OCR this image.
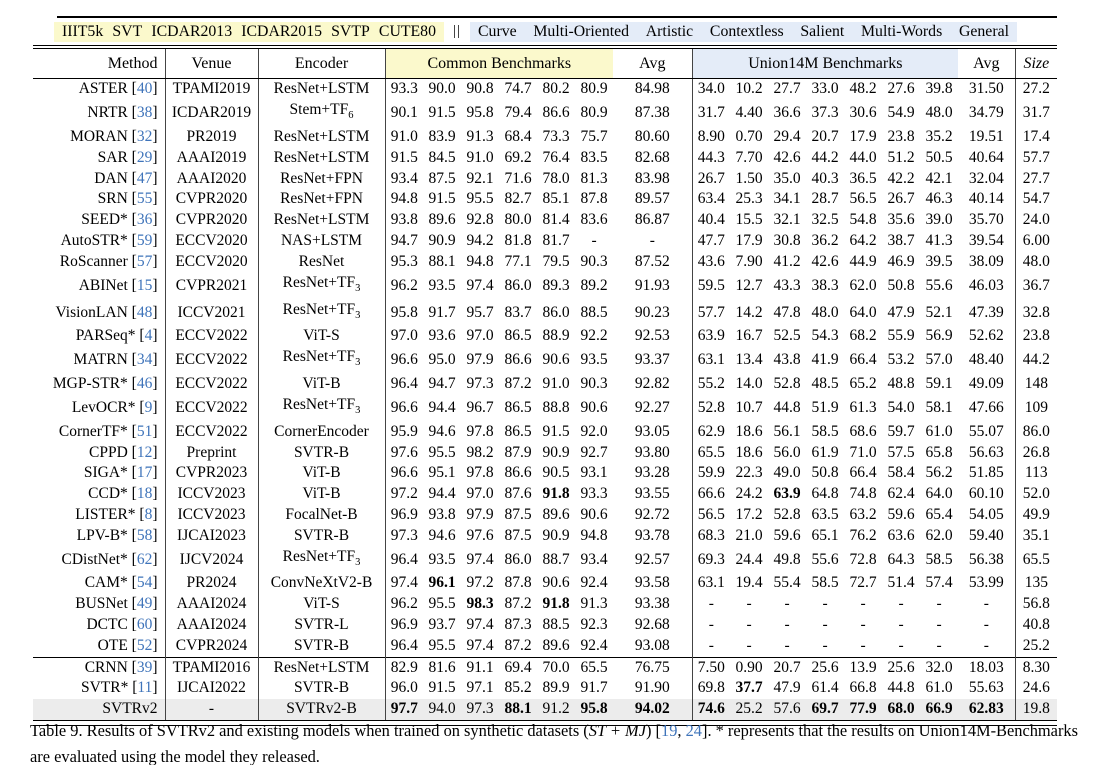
IIIT5k SVT ICDAR2013 ICDAR2015 SVTP CUTE80 || Curve Multi-Oriented Artistic Contextless Salient Multi-Words General
Method	Venue	Encoder	Common Benchmarks						Avg	Union14M Benchmarks							Avg	Size
ASTER [40]	TPAMI2019	ResNet+LSTM	93.3	90.0	90.8	74.7	80.2	80.9	84.98	34.0	10.2	27.7	33.0	48.2	27.6	39.8	31.50	27.2
NRTR [38]	ICDAR2019	$Stem+TF_6$	90.1	91.5	95.8	79.4	86.6	80.9	87.38	31.7	4.40	36.6	37.3	30.6	54.9	48.0	34.79	31.7
MORAN [32]	PR2019	ResNet+LSTM	91.0	83.9	91.3	68.4	73.3	75.7	80.60	8.90	0.70	29.4	20.7	17.9	23.8	35.2	19.51	17.4
SAR [29]	AAAI2019	ResNet+LSTM	91.5	84.5	91.0	69.2	76.4	83.5	82.68	44.3	7.70	42.6	44.2	44.0	51.2	50.5	40.64	57.7
DAN [47]	AAAI2020	ResNet+FPN	93.4	87.5	92.1	71.6	78.0	81.3	83.98	26.7	1.50	35.0	40.3	36.5	42.2	42.1	32.04	27.7
SRN [55]	CVPR2020	ResNet+FPN	94.8	91.5	95.5	82.7	85.1	87.8	89.57	63.4	25.3	34.1	28.7	56.5	26.7	46.3	40.14	54.7
SEED* [36]	CVPR2020	ResNet+LSTM	93.8	89.6	92.8	80.0	81.4	83.6	86.87	40.4	15.5	32.1	32.5	54.8	35.6	39.0	35.70	24.0
AutoSTR* [59]	ECCV2020	NAS+LSTM	94.7	90.9	94.2	81.8	81.7	-	-	47.7	17.9	30.8	36.2	64.2	38.7	41.3	39.54	6.00
RoScanner [57]	ECCV2020	ResNet	95.3	88.1	94.8	77.1	79.5	90.3	87.52	43.6	7.90	41.2	42.6	44.9	46.9	39.5	38.09	48.0
ABINet [15]	CVPR2021	$ResNet+TF_3$	96.2	93.5	97.4	86.0	89.3	89.2	91.93	59.5	12.7	43.3	38.3	62.0	50.8	55.6	46.03	36.7
VisionLAN [48]	ICCV2021	$ResNet+TF_3$	95.8	91.7	95.7	83.7	86.0	88.5	90.23	57.7	14.2	47.8	48.0	64.0	47.9	52.1	47.39	32.8
PARSeq* [4]	ECCV2022	ViT-S	97.0	93.6	97.0	86.5	88.9	92.2	92.53	63.9	16.7	52.5	54.3	68.2	55.9	56.9	52.62	23.8
MATRN [34]	ECCV2022	$ResNet+TF_3$	96.6	95.0	97.9	86.6	90.6	93.5	93.37	63.1	13.4	43.8	41.9	66.4	53.2	57.0	48.40	44.2
MGP-STR* [46]	ECCV2022	ViT-B	96.4	94.7	97.3	87.2	91.0	90.3	92.82	55.2	14.0	52.8	48.5	65.2	48.8	59.1	49.09	148
LevOCR* [9]	ECCV2022	$ResNet+TF_3$	96.6	94.4	96.7	86.5	88.8	90.6	92.27	52.8	10.7	44.8	51.9	61.3	54.0	58.1	47.66	109
CornerTF* [51]	ECCV2022	CornerEncoder	95.9	94.6	97.8	86.5	91.5	92.0	93.05	62.9	18.6	56.1	58.5	68.6	59.7	61.0	55.07	86.0
CPPD [12]	Preprint	SVTR-B	97.6	95.5	98.2	87.9	90.9	92.7	93.80	65.5	18.6	56.0	61.9	71.0	57.5	65.8	56.63	26.8
SIGA* [17]	CVPR2023	ViT-B	96.6	95.1	97.8	86.6	90.5	93.1	93.28	59.9	22.3	49.0	50.8	66.4	58.4	56.2	51.85	113
CCD* [18]	ICCV2023	ViT-B	97.2	94.4	97.0	87.6	91.8	93.3	93.55	66.6	24.2	63.9	64.8	74.8	62.4	64.0	60.10	52.0
LISTER* [8]	ICCV2023	FocalNet-B	96.9	93.8	97.9	87.5	89.6	90.6	92.72	56.5	17.2	52.8	63.5	63.2	59.6	65.4	54.05	49.9
LPV-B* [58]	IJCAI2023	SVTR-B	97.3	94.6	97.6	87.5	90.9	94.8	93.78	68.3	21.0	59.6	65.1	76.2	63.6	62.0	59.40	35.1
CDistNet* [62]	IJCV2024	$ResNet+TF_3$	96.4	93.5	97.4	86.0	88.7	93.4	92.57	69.3	24.4	49.8	55.6	72.8	64.3	58.5	56.38	65.5
CAM* [54]	PR2024	ConvNeXtV2-B	97.4	96.1	97.2	87.8	90.6	92.4	93.58	63.1	19.4	55.4	58.5	72.7	51.4	57.4	53.99	135
BUSNet [49]	AAAI2024	ViT-S	96.2	95.5	98.3	87.2	91.8	91.3	93.38	-	-	-	-	-	-	-	-	56.8
DCTC [60]	AAAI2024	SVTR-L	96.9	93.7	97.4	87.3	88.5	92.3	92.68	-	-	-	-	-	-	-	-	40.8
OTE [52]	CVPR2024	SVTR-B	96.4	95.5	97.4	87.2	89.6	92.4	93.08	-	-	-	-	-	-	-	-	25.2
CRNN [39]	TPAMI2016	ResNet+LSTM	82.9	81.6	91.1	69.4	70.0	65.5	76.75	7.50	0.90	20.7	25.6	13.9	25.6	32.0	18.03	8.30
SVTR* [11]	IJCAI2022	SVTR-B	96.0	91.5	97.1	85.2	89.9	91.7	91.90	69.8	37.7	47.9	61.4	66.8	44.8	61.0	55.63	24.6
SVTRv2	-	SVTRv2-B	97.7	94.0	97.3	88.1	91.2	95.8	94.02	74.6	25.2	57.6	69.7	77.9	68.0	66.9	62.83	19.8

Table 9. Results of SVTRv2 and existing models when trained on synthetic datasets (ST + MJ) [19, 24]. * represents that the results on Union14M-Benchmarks are evaluated using the model they released.
